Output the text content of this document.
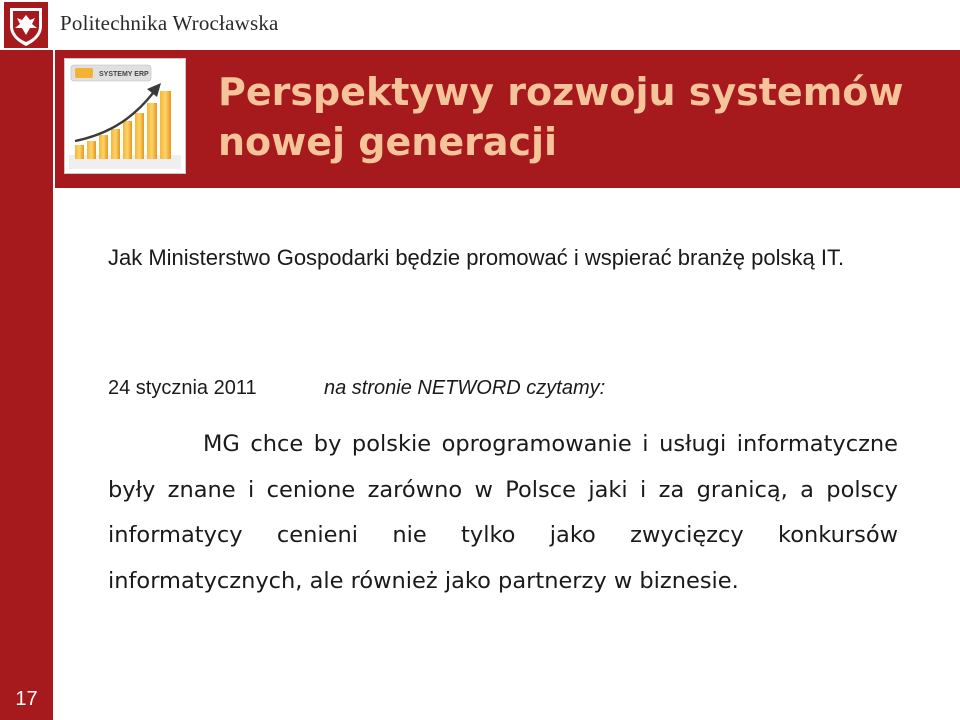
Politechnika Wrocławska
SYSTEMY ERP Perspektywy rozwoju systemów nowej generacji

Jak Ministerstwo Gospodarki będzie promować i wspierać branżę polską IT.

24 stycznia 2011	na stronie NETWORD czytamy:

MG chce by polskie oprogramowanie i usługi informatyczne były znane i cenione zarówno w Polsce jaki i za granicą, a polscy informatycy cenieni nie tylko jako zwycięzcy konkursów informatycznych, ale również jako partnerzy w biznesie.

17
